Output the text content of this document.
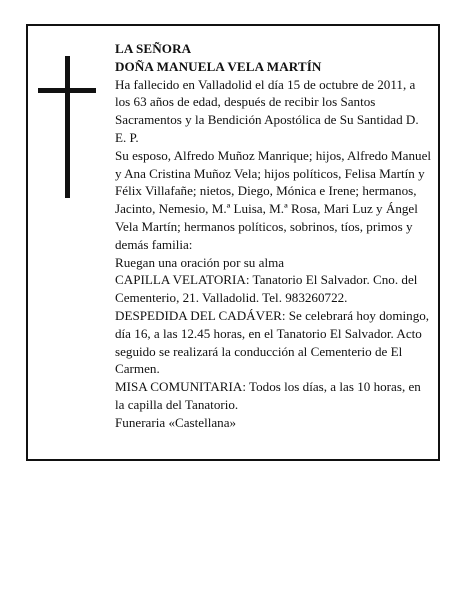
LA SEÑORA

DOÑA MANUELA VELA MARTÍN

Ha fallecido en Valladolid el día 15 de octubre de 2011, a los 63 años de edad, después de recibir los Santos Sacramentos y la Bendición Apostólica de Su Santidad D. E. P.

Su esposo, Alfredo Muñoz Manrique; hijos, Alfredo Manuel y Ana Cristina Muñoz Vela; hijos políticos, Felisa Martín y Félix Villafañe; nietos, Diego, Mónica e Irene; hermanos, Jacinto, Nemesio, M.ª Luisa, M.ª Rosa, Mari Luz y Ángel Vela Martín; hermanos políticos, sobrinos, tíos, primos y demás familia:

Ruegan una oración por su alma

CAPILLA VELATORIA: Tanatorio El Salvador. Cno. del Cementerio, 21. Valladolid. Tel. 983260722.

DESPEDIDA DEL CADÁVER: Se celebrará hoy domingo, día 16, a las 12.45 horas, en el Tanatorio El Salvador. Acto seguido se realizará la conducción al Cementerio de El Carmen.

MISA COMUNITARIA: Todos los días, a las 10 horas, en la capilla del Tanatorio.

Funeraria «Castellana»
